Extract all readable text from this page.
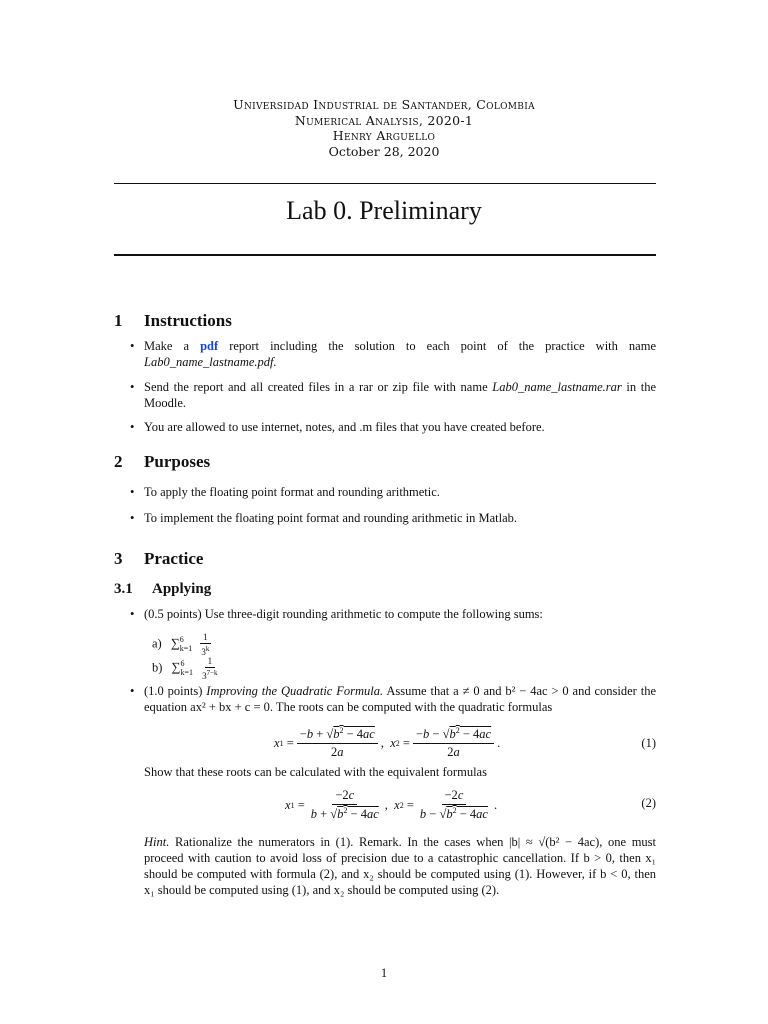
Universidad Industrial de Santander, Colombia
Numerical Analysis, 2020-1
Henry Arguello
October 28, 2020
Lab 0. Preliminary
1 Instructions
• Make a pdf report including the solution to each point of the practice with name Lab0_name_lastname.pdf.
• Send the report and all created files in a rar or zip file with name Lab0_name_lastname.rar in the Moodle.
• You are allowed to use internet, notes, and .m files that you have created before.
2 Purposes
• To apply the floating point format and rounding arithmetic.
• To implement the floating point format and rounding arithmetic in Matlab.
3 Practice
3.1 Applying
• (0.5 points) Use three-digit rounding arithmetic to compute the following sums:
a) $\sum^6_{k=1} \frac{1}{3^k}$
b) $\sum^6_{k=1} \frac{1}{3^{7-k}}$
• (1.0 points) Improving the Quadratic Formula. Assume that a ≠ 0 and b² − 4ac > 0 and consider the equation ax² + bx + c = 0. The roots can be computed with the quadratic formulas
x $1 = \frac{-b + √b^2 - 4ac}{2a}$ , x $2 = \frac{-b - √b^2 - 4ac}{2a}$ .	(1)
Show that these roots can be calculated with the equivalent formulas
x $1 = \frac{-2c}{b + √b^2 - 4ac}$ , x $2 = \frac{-2c}{b - √b^2 - 4ac}$ .	(2)
Hint. Rationalize the numerators in (1). Remark. In the cases when |b| ≈ √(b² − 4ac), one must proceed with caution to avoid loss of precision due to a catastrophic cancellation. If b > 0, then x₁ should be computed with formula (2), and x₂ should be computed using (1). However, if b < 0, then x₁ should be computed using (1), and x₂ should be computed using (2).
1
